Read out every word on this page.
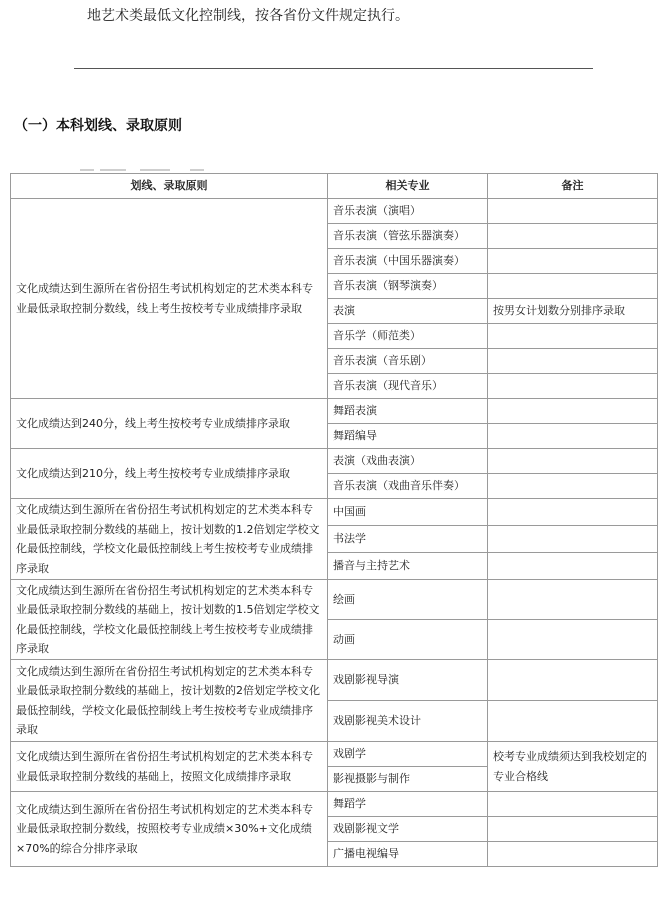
地艺术类最低文化控制线，按各省份文件规定执行。
（一）本科划线、录取原则
划线、录取原则	相关专业	备注
文化成绩达到生源所在省份招生考试机构划定的艺术类本科专业最低录取控制分数线，线上考生按校考专业成绩排序录取	音乐表演（演唱）	
	音乐表演（管弦乐器演奏）	
	音乐表演（中国乐器演奏）	
	音乐表演（钢琴演奏）	
	表演	按男女计划数分别排序录取
	音乐学（师范类）	
	音乐表演（音乐剧）	
	音乐表演（现代音乐）	
文化成绩达到240分，线上考生按校考专业成绩排序录取	舞蹈表演	
	舞蹈编导	
文化成绩达到210分，线上考生按校考专业成绩排序录取	表演（戏曲表演）	
	音乐表演（戏曲音乐伴奏）	
文化成绩达到生源所在省份招生考试机构划定的艺术类本科专业最低录取控制分数线的基础上，按计划数的1.2倍划定学校文化最低控制线，学校文化最低控制线上考生按校考专业成绩排序录取	中国画	
	书法学	
	播音与主持艺术	
文化成绩达到生源所在省份招生考试机构划定的艺术类本科专业最低录取控制分数线的基础上，按计划数的1.5倍划定学校文化最低控制线，学校文化最低控制线上考生按校考专业成绩排序录取	绘画	
	动画	
文化成绩达到生源所在省份招生考试机构划定的艺术类本科专业最低录取控制分数线的基础上，按计划数的2倍划定学校文化最低控制线，学校文化最低控制线上考生按校考专业成绩排序录取	戏剧影视导演	
	戏剧影视美术设计	
文化成绩达到生源所在省份招生考试机构划定的艺术类本科专业最低录取控制分数线的基础上，按照文化成绩排序录取	戏剧学	校考专业成绩须达到我校划定的专业合格线
	影视摄影与制作	
文化成绩达到生源所在省份招生考试机构划定的艺术类本科专业最低录取控制分数线，按照校考专业成绩×30%+文化成绩×70%的综合分排序录取	舞蹈学	
	戏剧影视文学	
	广播电视编导	
